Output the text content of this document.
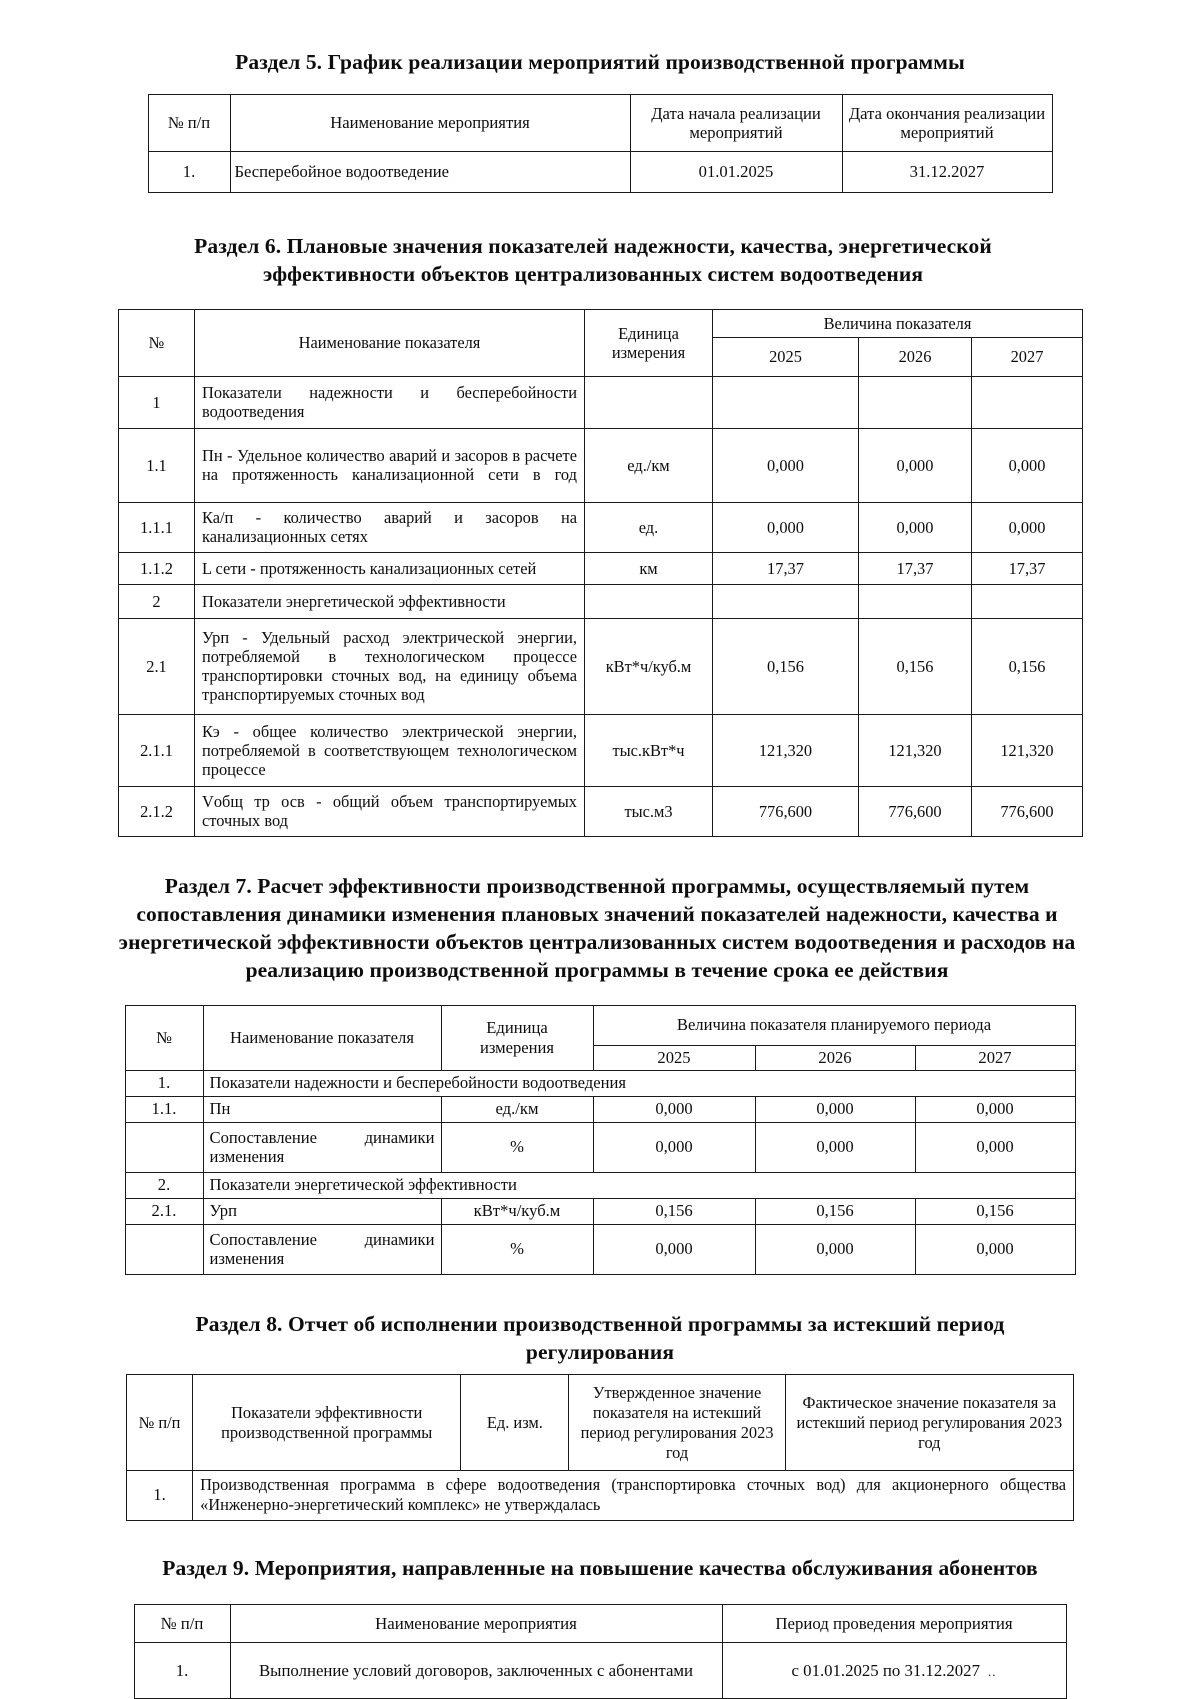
Раздел 5. График реализации мероприятий производственной программы
№ п/п	Наименование мероприятия	Дата начала реализации мероприятий	Дата окончания реализации мероприятий
1.	Бесперебойное водоотведение	01.01.2025	31.12.2027
Раздел 6. Плановые значения показателей надежности, качества, энергетической эффективности объектов централизованных систем водоотведения
№	Наименование показателя	Единица измерения	Величина показателя		
			2025	2026	2027
1	Показатели надежности и бесперебойности водоотведения				
1.1	Пн - Удельное количество аварий и засоров в расчете на протяженность канализационной сети в год	ед./км	0,000	0,000	0,000
1.1.1	Ка/п - количество аварий и засоров на канализационных сетях	ед.	0,000	0,000	0,000
1.1.2	L сети - протяженность канализационных сетей	км	17,37	17,37	17,37
2	Показатели энергетической эффективности				
2.1	Урп - Удельный расход электрической энергии, потребляемой в технологическом процессе транспортировки сточных вод, на единицу объема транспортируемых сточных вод	кВт*ч/куб.м	0,156	0,156	0,156
2.1.1	Кэ - общее количество электрической энергии, потребляемой в соответствующем технологическом процессе	тыс.кВт*ч	121,320	121,320	121,320
2.1.2	Vобщ тр осв - общий объем транспортируемых сточных вод	тыс.м3	776,600	776,600	776,600
Раздел 7. Расчет эффективности производственной программы, осуществляемый путем сопоставления динамики изменения плановых значений показателей надежности, качества и энергетической эффективности объектов централизованных систем водоотведения и расходов на реализацию производственной программы в течение срока ее действия
№	Наименование показателя	Единица измерения	Величина показателя планируемого периода		
			2025	2026	2027
1.	Показатели надежности и бесперебойности водоотведения				
1.1.	Пн	ед./км	0,000	0,000	0,000
	Сопоставление динамики изменения	%	0,000	0,000	0,000
2.	Показатели энергетической эффективности				
2.1.	Урп	кВт*ч/куб.м	0,156	0,156	0,156
	Сопоставление динамики изменения	%	0,000	0,000	0,000
Раздел 8. Отчет об исполнении производственной программы за истекший период регулирования
№ п/п	Показатели эффективности производственной программы	Ед. изм.	Утвержденное значение показателя на истекший период регулирования 2023 год	Фактическое значение показателя за истекший период регулирования 2023 год
1.	Производственная программа в сфере водоотведения (транспортировка сточных вод) для акционерного общества «Инженерно-энергетический комплекс» не утверждалась			
Раздел 9. Мероприятия, направленные на повышение качества обслуживания абонентов
№ п/п	Наименование мероприятия	Период проведения мероприятия
1.	Выполнение условий договоров, заключенных с абонентами	с 01.01.2025 по 31.12.2027 ..
